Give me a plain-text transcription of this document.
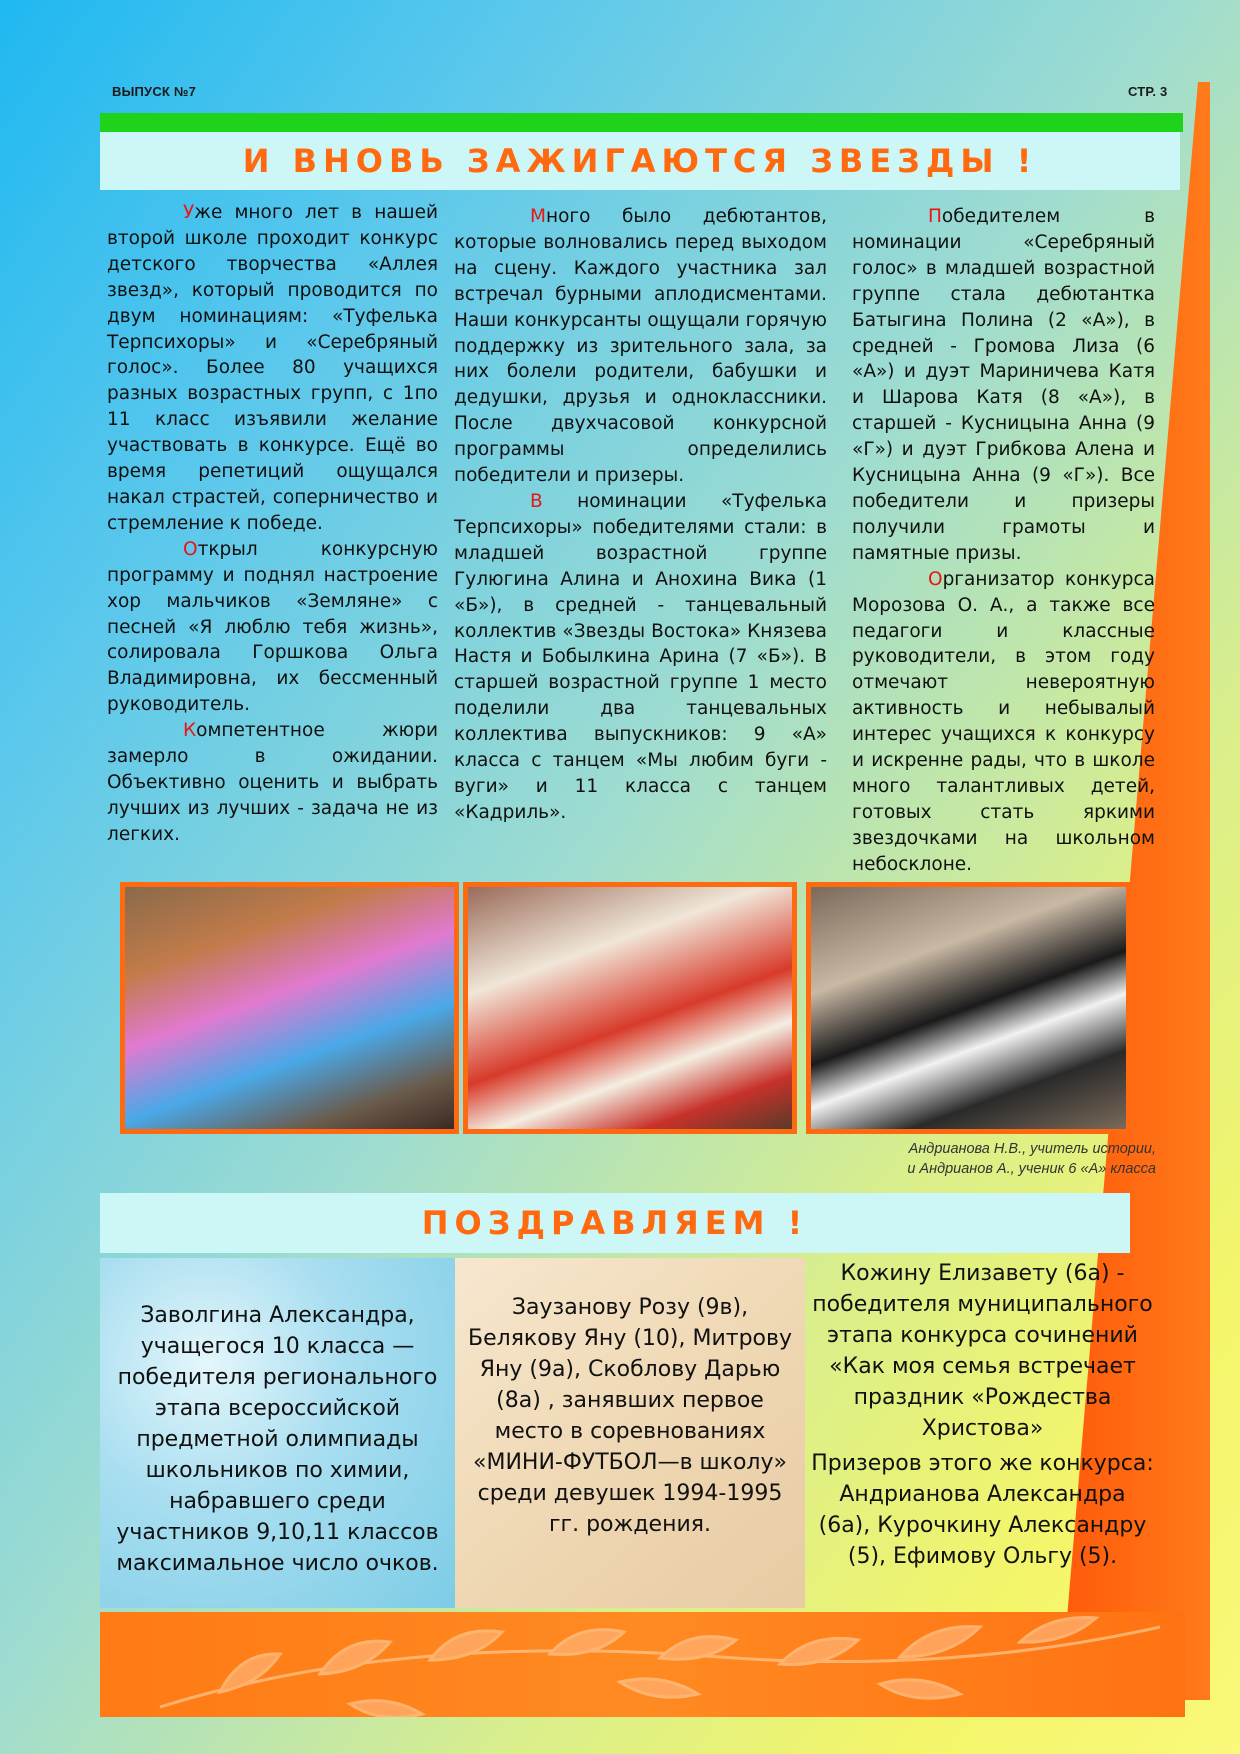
ВЫПУСК №7	СТР. 3
И ВНОВЬ ЗАЖИГАЮТСЯ ЗВЕЗДЫ !

Уже много лет в нашей второй школе проходит конкурс детского творчества «Аллея звезд», который проводится по двум номинациям: «Туфелька Терпсихоры» и «Серебряный голос». Более 80 учащихся разных возрастных групп, с 1по 11 класс изъявили желание участвовать в конкурсе. Ещё во время репетиций ощущался накал страстей, соперничество и стремление к победе.

Открыл конкурсную программу и поднял настроение хор мальчиков «Земляне» с песней «Я люблю тебя жизнь», солировала Горшкова Ольга Владимировна, их бессменный руководитель.

Компетентное жюри замерло в ожидании. Объективно оценить и выбрать лучших из лучших - задача не из легких.

Много было дебютантов, которые волновались перед выходом на сцену. Каждого участника зал встречал бурными аплодисментами. Наши конкурсанты ощущали горячую поддержку из зрительного зала, за них болели родители, бабушки и дедушки, друзья и одноклассники. После двухчасовой конкурсной программы определились победители и призеры.

В номинации «Туфелька Терпсихоры» победителями стали: в младшей возрастной группе Гулюгина Алина и Анохина Вика (1 «Б»), в средней - танцевальный коллектив «Звезды Востока» Князева Настя и Бобылкина Арина (7 «Б»). В старшей возрастной группе 1 место поделили два танцевальных коллектива выпускников: 9 «А» класса с танцем «Мы любим буги - вуги» и 11 класса с танцем «Кадриль».

Победителем в номинации «Серебряный голос» в младшей возрастной группе стала дебютантка Батыгина Полина (2 «А»), в средней - Громова Лиза (6 «А») и дуэт Мариничева Катя и Шарова Катя (8 «А»), в старшей - Кусницына Анна (9 «Г») и дуэт Грибкова Алена и Кусницына Анна (9 «Г»). Все победители и призеры получили грамоты и памятные призы.

Организатор конкурса Морозова О. А., а также все педагоги и классные руководители, в этом году отмечают невероятную активность и небывалый интерес учащихся к конкурсу и искренне рады, что в школе много талантливых детей, готовых стать яркими звездочками на школьном небосклоне.

Андрианова Н.В., учитель истории,
и Андрианов А., ученик 6 «А» класса
ПОЗДРАВЛЯЕМ !
Заволгина Александра, учащегося 10 класса — победителя регионального этапа всероссийской предметной олимпиады школьников по химии, набравшего среди участников 9,10,11 классов максимальное число очков.
Заузанову Розу (9в), Белякову Яну (10), Митрову Яну (9а), Скоблову Дарью (8а) , занявших первое место в соревнованиях «МИНИ-ФУТБОЛ—в школу» среди девушек 1994-1995 гг. рождения.
Кожину Елизавету (6а) - победителя муниципального этапа конкурса сочинений «Как моя семья встречает праздник «Рождества Христова»
Призеров этого же конкурса: Андрианова Александра (6а), Курочкину Александру (5), Ефимову Ольгу (5).
